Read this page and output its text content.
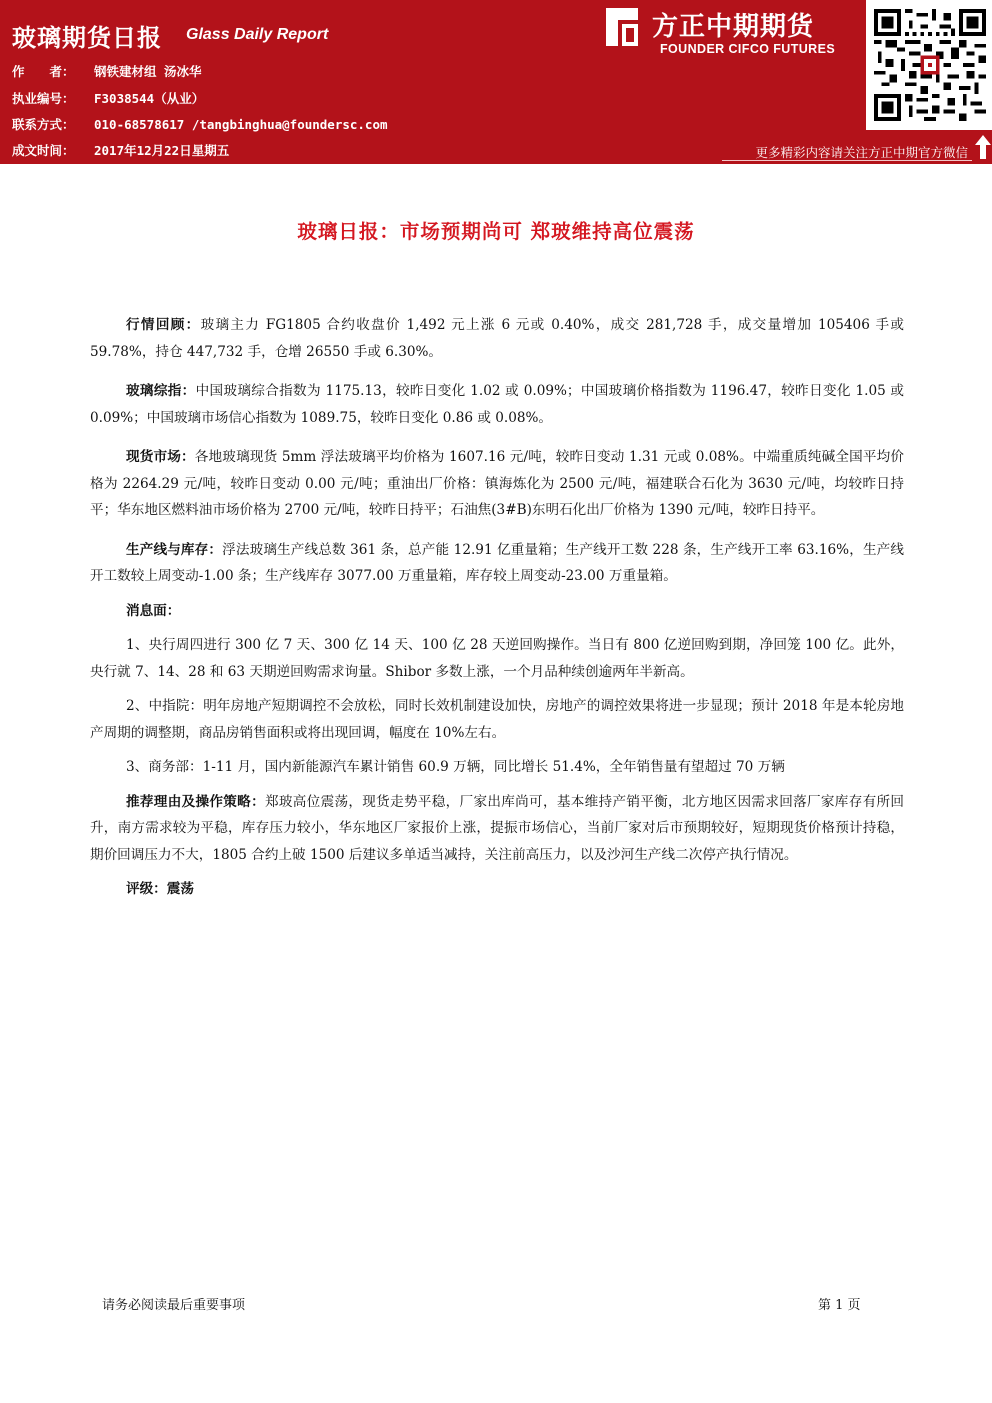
玻璃期货日报 Glass Daily Report
作　　者： 钢铁建材组 汤冰华
执业编号： F3038544（从业）
联系方式： 010-68578617 /tangbinghua@foundersc.com
成文时间： 2017年12月22日星期五
方正中期期货
FOUNDER CIFCO FUTURES
更多精彩内容请关注方正中期官方微信
玻璃日报：市场预期尚可 郑玻维持高位震荡

行情回顾：玻璃主力 FG1805 合约收盘价 1,492 元上涨 6 元或 0.40%，成交 281,728 手，成交量增加 105406 手或 59.78%，持仓 447,732 手，仓增 26550 手或 6.30%。

玻璃综指：中国玻璃综合指数为 1175.13，较昨日变化 1.02 或 0.09%；中国玻璃价格指数为 1196.47，较昨日变化 1.05 或 0.09%；中国玻璃市场信心指数为 1089.75，较昨日变化 0.86 或 0.08%。

现货市场：各地玻璃现货 5mm 浮法玻璃平均价格为 1607.16 元/吨，较昨日变动 1.31 元或 0.08%。中端重质纯碱全国平均价格为 2264.29 元/吨，较昨日变动 0.00 元/吨；重油出厂价格：镇海炼化为 2500 元/吨，福建联合石化为 3630 元/吨，均较昨日持平；华东地区燃料油市场价格为 2700 元/吨，较昨日持平；石油焦(3#B)东明石化出厂价格为 1390 元/吨，较昨日持平。

生产线与库存：浮法玻璃生产线总数 361 条，总产能 12.91 亿重量箱；生产线开工数 228 条，生产线开工率 63.16%，生产线开工数较上周变动-1.00 条；生产线库存 3077.00 万重量箱，库存较上周变动-23.00 万重量箱。

消息面：

1、央行周四进行 300 亿 7 天、300 亿 14 天、100 亿 28 天逆回购操作。当日有 800 亿逆回购到期，净回笼 100 亿。此外，央行就 7、14、28 和 63 天期逆回购需求询量。Shibor 多数上涨，一个月品种续创逾两年半新高。

2、中指院：明年房地产短期调控不会放松，同时长效机制建设加快，房地产的调控效果将进一步显现；预计 2018 年是本轮房地产周期的调整期，商品房销售面积或将出现回调，幅度在 10%左右。

3、商务部：1-11 月，国内新能源汽车累计销售 60.9 万辆，同比增长 51.4%，全年销售量有望超过 70 万辆

推荐理由及操作策略：郑玻高位震荡，现货走势平稳，厂家出库尚可，基本维持产销平衡，北方地区因需求回落厂家库存有所回升，南方需求较为平稳，库存压力较小，华东地区厂家报价上涨，提振市场信心，当前厂家对后市预期较好，短期现货价格预计持稳，期价回调压力不大，1805 合约上破 1500 后建议多单适当减持，关注前高压力，以及沙河生产线二次停产执行情况。

评级：震荡

请务必阅读最后重要事项	第 1 页
